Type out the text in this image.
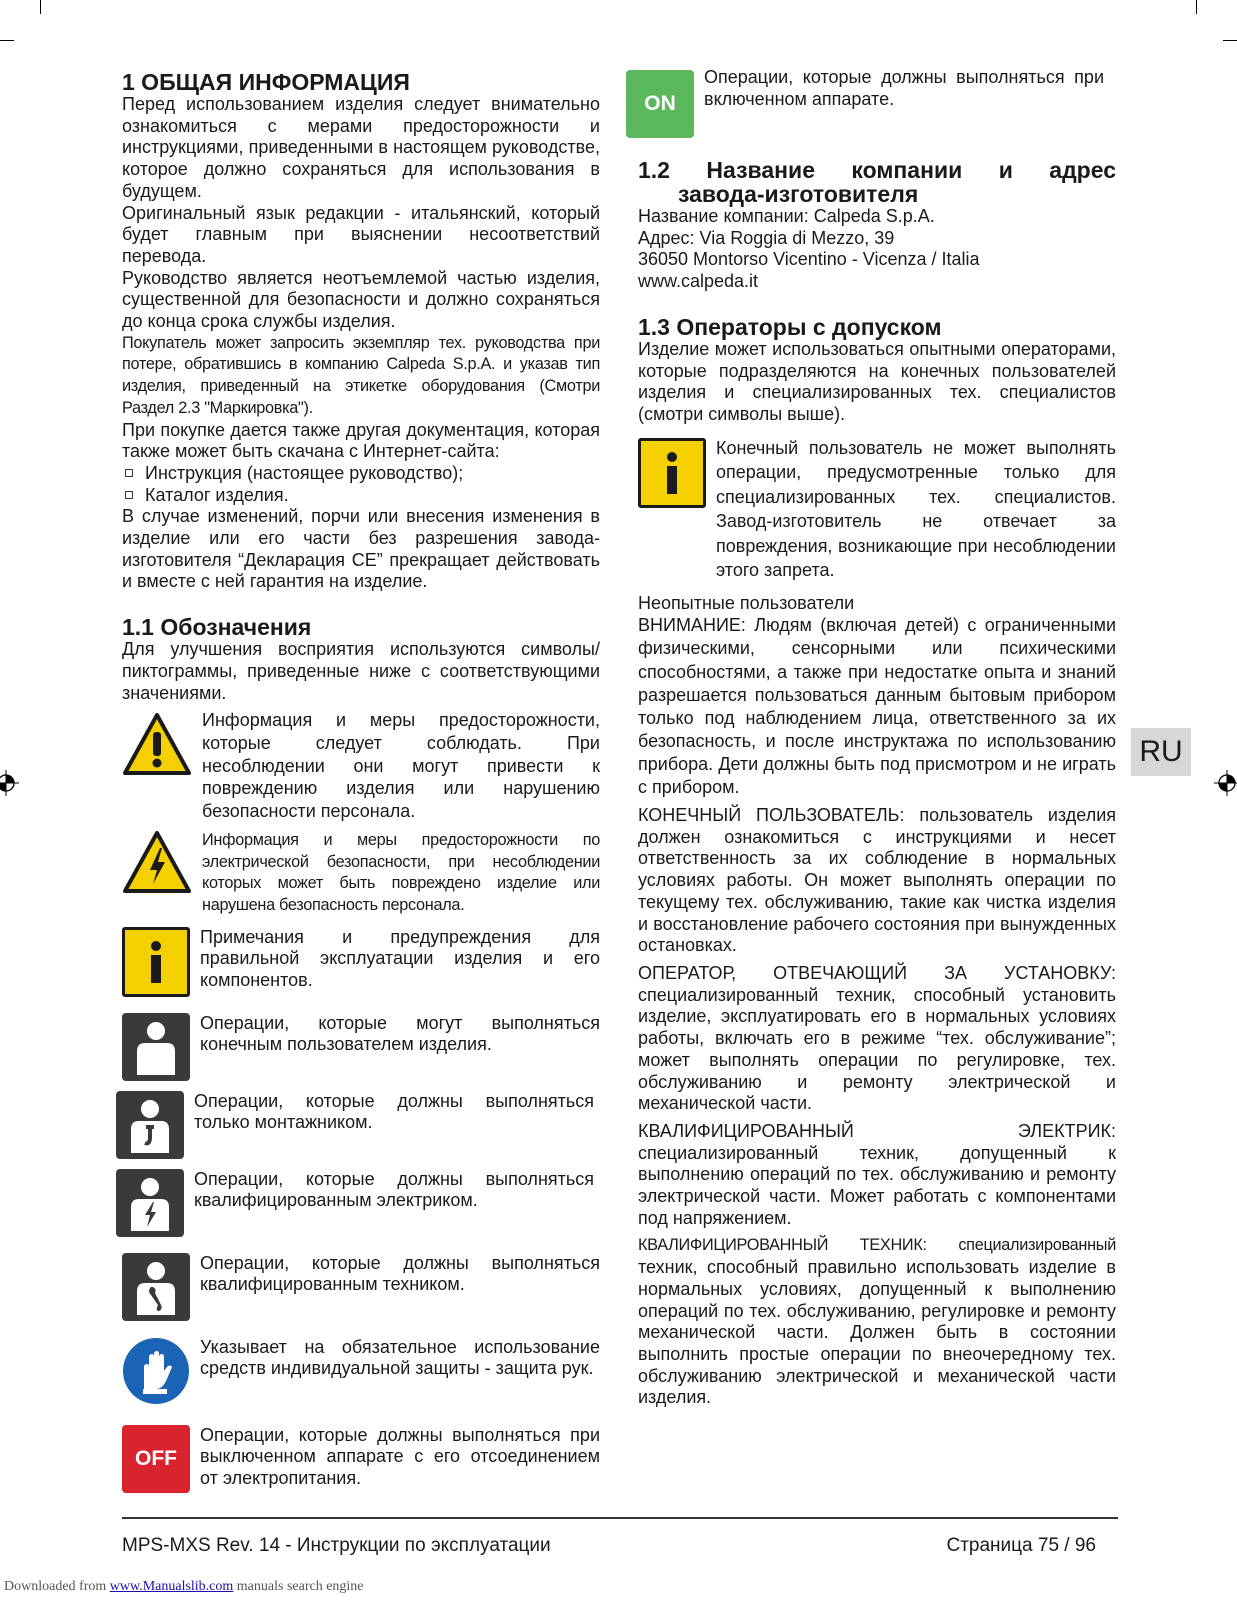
1 ОБЩАЯ ИНФОРМАЦИЯ

Перед использованием изделия следует внимательно ознакомиться с мерами предосторожности и инструкциями, приведенными в настоящем руководстве, которое должно сохраняться для использования в будущем.

Оригинальный язык редакции - итальянский, который будет главным при выяснении несоответствий перевода.

Руководство является неотъемлемой частью изделия, существенной для безопасности и должно сохраняться до конца срока службы изделия.

Покупатель может запросить экземпляр тех. руководства при потере, обратившись в компанию Calpeda S.p.A. и указав тип изделия, приведенный на этикетке оборудования (Смотри Раздел 2.3 "Маркировка").

При покупке дается также другая документация, которая также может быть скачана с Интернет-сайта:

Инструкция (настоящее руководство);
Каталог изделия.

В случае изменений, порчи или внесения изменения в изделие или его части без разрешения завода-изготовителя “Декларация CE” прекращает действовать и вместе с ней гарантия на изделие.

1.1 Обозначения

Для улучшения восприятия используются символы/пиктограммы, приведенные ниже с соответствующими значениями.

Информация и меры предосторожности, которые следует соблюдать. При несоблюдении они могут привести к повреждению изделия или нарушению безопасности персонала.

Информация и меры предосторожности по электрической безопасности, при несоблюдении которых может быть повреждено изделие или нарушена безопасность персонала.

Примечания и предупреждения для правильной эксплуатации изделия и его компонентов.

Операции, которые могут выполняться конечным пользователем изделия.

Операции, которые должны выполняться только монтажником.

Операции, которые должны выполняться квалифицированным электриком.

Операции, которые должны выполняться квалифицированным техником.

Указывает на обязательное использование средств индивидуальной защиты - защита рук.

OFF

Операции, которые должны выполняться при выключенном аппарате с его отсоединением от электропитания.

ON

Операции, которые должны выполняться при включенном аппарате.

1.2 Название компании и адрес
завода-изготовителя

Название компании: Calpeda S.p.A.

Адрес: Via Roggia di Mezzo, 39

36050 Montorso Vicentino - Vicenza / Italia

www.calpeda.it

1.3 Операторы с допуском

Изделие может использоваться опытными операторами, которые подразделяются на конечных пользователей изделия и специализированных тех. специалистов (смотри символы выше).

Конечный пользователь не может выполнять операции, предусмотренные только для специализированных тех. специалистов. Завод-изготовитель не отвечает за повреждения, возникающие при несоблюдении этого запрета.

Неопытные пользователи

ВНИМАНИЕ: Людям (включая детей) с ограниченными физическими, сенсорными или психическими способностями, а также при недостатке опыта и знаний разрешается пользоваться данным бытовым прибором только под наблюдением лица, ответственного за их безопасность, и после инструктажа по использованию прибора. Дети должны быть под присмотром и не играть с прибором.

КОНЕЧНЫЙ ПОЛЬЗОВАТЕЛЬ: пользователь изделия должен ознакомиться с инструкциями и несет ответственность за их соблюдение в нормальных условиях работы. Он может выполнять операции по текущему тех. обслуживанию, такие как чистка изделия и восстановление рабочего состояния при вынужденных остановках.

ОПЕРАТОР, ОТВЕЧАЮЩИЙ ЗА УСТАНОВКУ: специализированный техник, способный установить изделие, эксплуатировать его в нормальных условиях работы, включать его в режиме “тех. обслуживание”; может выполнять операции по регулировке, тех. обслуживанию и ремонту электрической и механической части.

КВАЛИФИЦИРОВАННЫЙ ЭЛЕКТРИК: специализированный техник, допущенный к выполнению операций по тех. обслуживанию и ремонту электрической части. Может работать с компонентами под напряжением.

КВАЛИФИЦИРОВАННЫЙ ТЕХНИК: специализированный

техник, способный правильно использовать изделие в нормальных условиях, допущенный к выполнению операций по тех. обслуживанию, регулировке и ремонту механической части. Должен быть в состоянии выполнить простые операции по внеочередному тех. обслуживанию электрической и механической части изделия.

RU
MPS-MXS Rev. 14 - Инструкции по эксплуатации	Страница 75 / 96
Downloaded from www.Manualslib.com manuals search engine
